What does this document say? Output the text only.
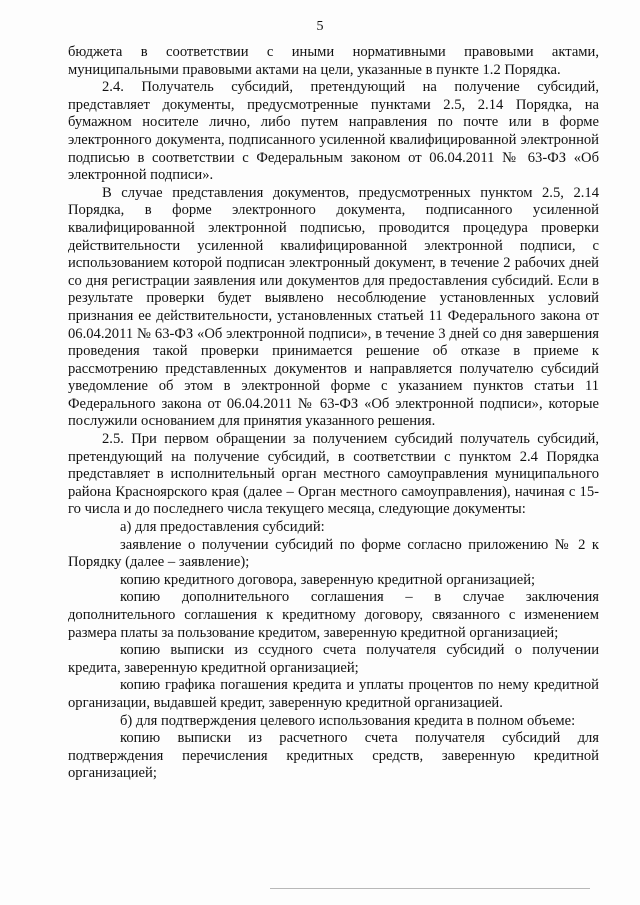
5

бюджета в соответствии с иными нормативными правовыми актами, муниципальными правовыми актами на цели, указанные в пункте 1.2 Порядка.

2.4. Получатель субсидий, претендующий на получение субсидий, представляет документы, предусмотренные пунктами 2.5, 2.14 Порядка, на бумажном носителе лично, либо путем направления по почте или в форме электронного документа, подписанного усиленной квалифицированной электронной подписью в соответствии с Федеральным законом от 06.04.2011 № 63-ФЗ «Об электронной подписи».

В случае представления документов, предусмотренных пунктом 2.5, 2.14 Порядка, в форме электронного документа, подписанного усиленной квалифицированной электронной подписью, проводится процедура проверки действительности усиленной квалифицированной электронной подписи, с использованием которой подписан электронный документ, в течение 2 рабочих дней со дня регистрации заявления или документов для предоставления субсидий. Если в результате проверки будет выявлено несоблюдение установленных условий признания ее действительности, установленных статьей 11 Федерального закона от 06.04.2011 № 63-ФЗ «Об электронной подписи», в течение 3 дней со дня завершения проведения такой проверки принимается решение об отказе в приеме к рассмотрению представленных документов и направляется получателю субсидий уведомление об этом в электронной форме с указанием пунктов статьи 11 Федерального закона от 06.04.2011 № 63-ФЗ «Об электронной подписи», которые послужили основанием для принятия указанного решения.

2.5. При первом обращении за получением субсидий получатель субсидий, претендующий на получение субсидий, в соответствии с пунктом 2.4 Порядка представляет в исполнительный орган местного самоуправления муниципального района Красноярского края (далее – Орган местного самоуправления), начиная с 15-го числа и до последнего числа текущего месяца, следующие документы:

а) для предоставления субсидий:

заявление о получении субсидий по форме согласно приложению № 2 к Порядку (далее – заявление);

копию кредитного договора, заверенную кредитной организацией;

копию дополнительного соглашения – в случае заключения дополнительного соглашения к кредитному договору, связанного с изменением размера платы за пользование кредитом, заверенную кредитной организацией;

копию выписки из ссудного счета получателя субсидий о получении кредита, заверенную кредитной организацией;

копию графика погашения кредита и уплаты процентов по нему кредитной организации, выдавшей кредит, заверенную кредитной организацией.

б) для подтверждения целевого использования кредита в полном объеме:

копию выписки из расчетного счета получателя субсидий для подтверждения перечисления кредитных средств, заверенную кредитной организацией;
